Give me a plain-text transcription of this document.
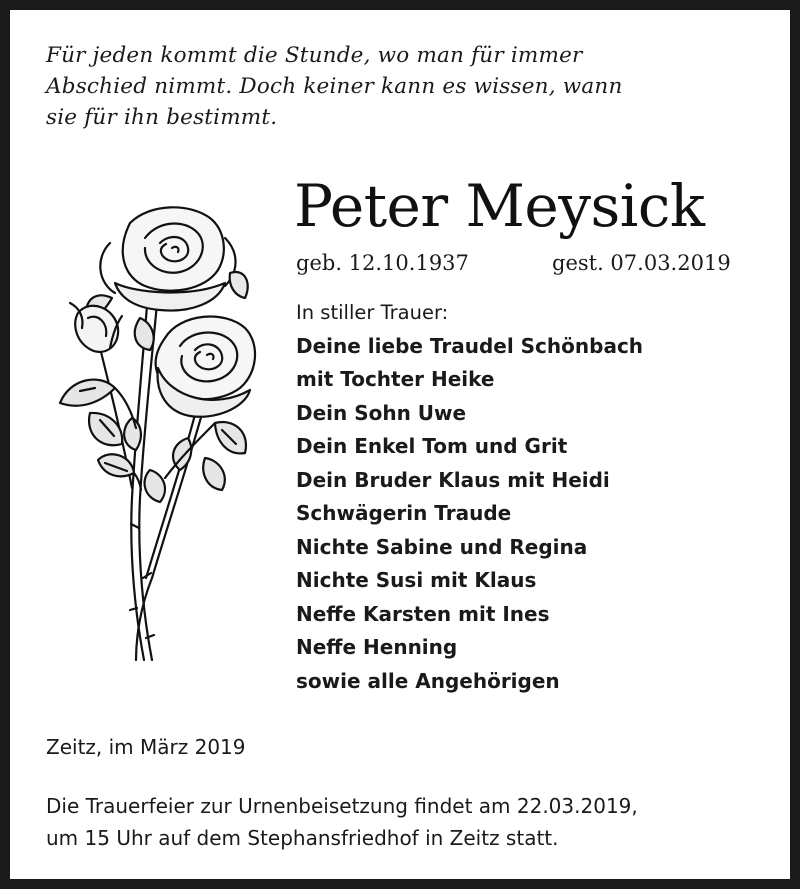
Für jeden kommt die Stunde, wo man für immer
Abschied nimmt. Doch keiner kann es wissen, wann
sie für ihn bestimmt.
Peter Meysick
geb. 12.10.1937	gest. 07.03.2019
In stiller Trauer:
Deine liebe Traudel Schönbach
mit Tochter Heike
Dein Sohn Uwe
Dein Enkel Tom und Grit
Dein Bruder Klaus mit Heidi
Schwägerin Traude
Nichte Sabine und Regina
Nichte Susi mit Klaus
Neffe Karsten mit Ines
Neffe Henning
sowie alle Angehörigen
Zeitz, im März 2019
Die Trauerfeier zur Urnenbeisetzung findet am 22.03.2019,
um 15 Uhr auf dem Stephansfriedhof in Zeitz statt.
